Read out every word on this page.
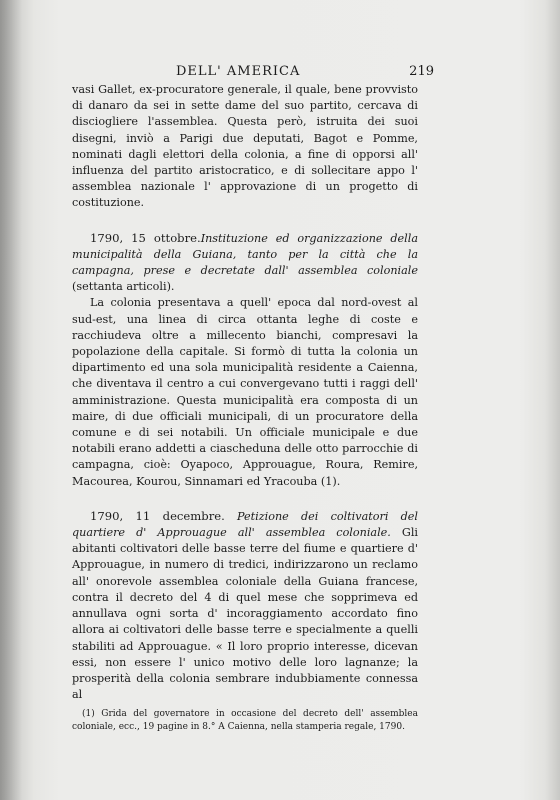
DELL' AMERICA	219

vasi Gallet, ex-procuratore generale, il quale, bene provvisto di danaro da sei in sette dame del suo partito, cercava di disciogliere l'assemblea. Questa però, istruita dei suoi disegni, inviò a Parigi due deputati, Bagot e Pomme, nominati dagli elettori della colonia, a fine di opporsi all' influenza del partito aristocratico, e di sollecitare appo l' assemblea nazionale l' approvazione di un progetto di costituzione.

1790, 15 ottobre.Instituzione ed organizzazione della municipalità della Guiana, tanto per la città che la campagna, prese e decretate dall' assemblea coloniale (settanta articoli).

La colonia presentava a quell' epoca dal nord-ovest al sud-est, una linea di circa ottanta leghe di coste e racchiudeva oltre a millecento bianchi, compresavi la popolazione della capitale. Si formò di tutta la colonia un dipartimento ed una sola municipalità residente a Caienna, che diventava il centro a cui convergevano tutti i raggi dell' amministrazione. Questa municipalità era composta di un maire, di due officiali municipali, di un procuratore della comune e di sei notabili. Un officiale municipale e due notabili erano addetti a ciascheduna delle otto parrocchie di campagna, cioè: Oyapoco, Approuague, Roura, Remire, Macourea, Kourou, Sinnamari ed Yracouba (1).

1790, 11 decembre. Petizione dei coltivatori del quartiere d' Approuague all' assemblea coloniale. Gli abitanti coltivatori delle basse terre del fiume e quartiere d' Approuague, in numero di tredici, indirizzarono un reclamo all' onorevole assemblea coloniale della Guiana francese, contra il decreto del 4 di quel mese che sopprimeva ed annullava ogni sorta d' incoraggiamento accordato fino allora ai coltivatori delle basse terre e specialmente a quelli stabiliti ad Approuague. « Il loro proprio interesse, dicevan essi, non essere l' unico motivo delle loro lagnanze; la prosperità della colonia sembrare indubbiamente connessa al

(1) Grida del governatore in occasione del decreto dell' assemblea coloniale, ecc., 19 pagine in 8.° A Caienna, nella stamperia regale, 1790.
